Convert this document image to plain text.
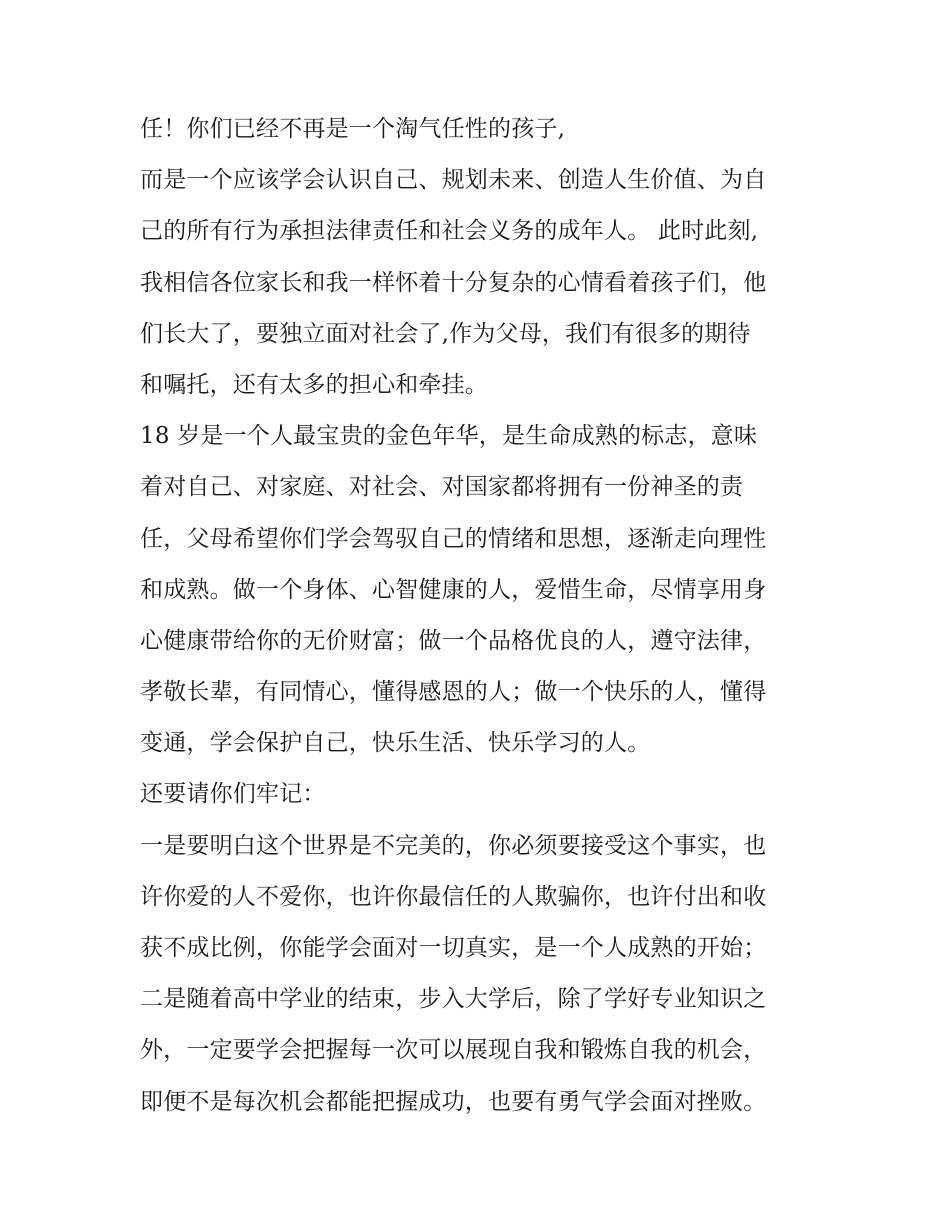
任！你们已经不再是一个淘气任性的孩子,
而是一个应该学会认识自己、规划未来、创造人生价值、为自
己的所有行为承担法律责任和社会义务的成年人。 此时此刻,
我相信各位家长和我一样怀着十分复杂的心情看着孩子们，他
们长大了，要独立面对社会了,作为父母，我们有很多的期待
和嘱托，还有太多的担心和牵挂。
18 岁是一个人最宝贵的金色年华，是生命成熟的标志，意味
着对自己、对家庭、对社会、对国家都将拥有一份神圣的责
任，父母希望你们学会驾驭自己的情绪和思想，逐渐走向理性
和成熟。做一个身体、心智健康的人，爱惜生命，尽情享用身
心健康带给你的无价财富；做一个品格优良的人，遵守法律，
孝敬长辈，有同情心，懂得感恩的人；做一个快乐的人，懂得
变通，学会保护自己，快乐生活、快乐学习的人。
还要请你们牢记：
一是要明白这个世界是不完美的，你必须要接受这个事实，也
许你爱的人不爱你，也许你最信任的人欺骗你，也许付出和收
获不成比例，你能学会面对一切真实，是一个人成熟的开始；
二是随着高中学业的结束，步入大学后，除了学好专业知识之
外，一定要学会把握每一次可以展现自我和锻炼自我的机会，
即便不是每次机会都能把握成功，也要有勇气学会面对挫败。
